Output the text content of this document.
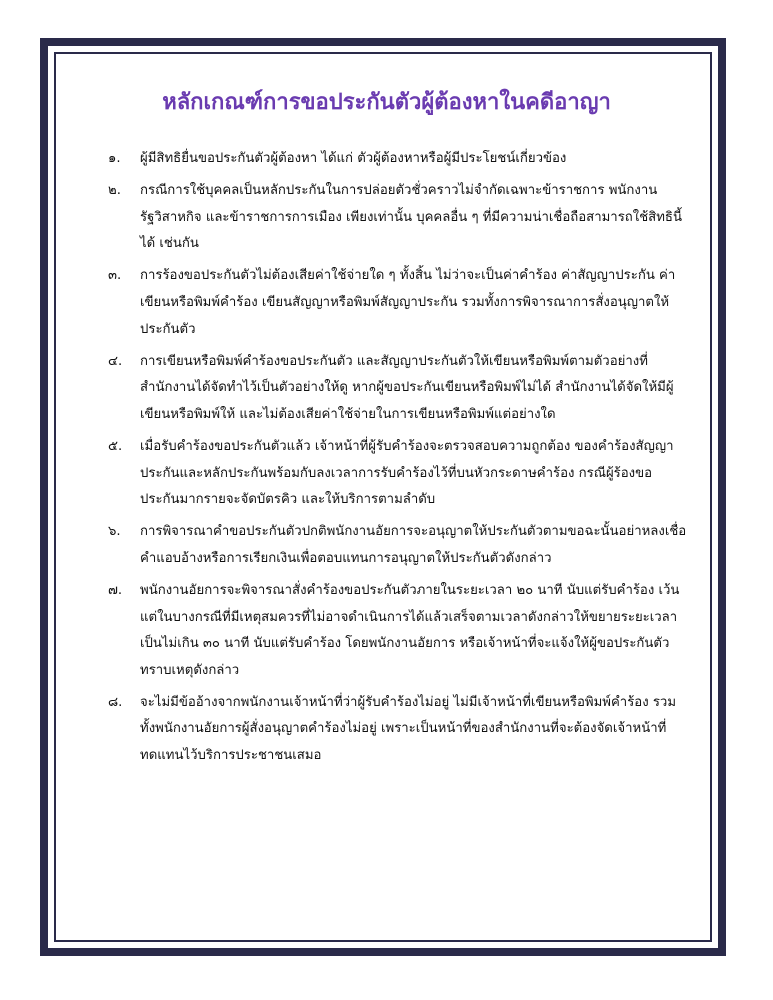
หลักเกณฑ์การขอประกันตัวผู้ต้องหาในคดีอาญา
๑.	ผู้มีสิทธิยื่นขอประกันตัวผู้ต้องหา ได้แก่ ตัวผู้ต้องหาหรือผู้มีประโยชน์เกี่ยวข้อง
๒.	กรณีการใช้บุคคลเป็นหลักประกันในการปล่อยตัวชั่วคราวไม่จำกัดเฉพาะข้าราชการ พนักงานรัฐวิสาหกิจ และข้าราชการการเมือง เพียงเท่านั้น บุคคลอื่น ๆ ที่มีความน่าเชื่อถือสามารถใช้สิทธินี้ได้ เช่นกัน
๓.	การร้องขอประกันตัวไม่ต้องเสียค่าใช้จ่ายใด ๆ ทั้งสิ้น ไม่ว่าจะเป็นค่าคำร้อง ค่าสัญญาประกัน ค่าเขียนหรือพิมพ์คำร้อง เขียนสัญญาหรือพิมพ์สัญญาประกัน รวมทั้งการพิจารณาการสั่งอนุญาตให้ประกันตัว
๔.	การเขียนหรือพิมพ์คำร้องขอประกันตัว และสัญญาประกันตัวให้เขียนหรือพิมพ์ตามตัวอย่างที่สำนักงานได้จัดทำไว้เป็นตัวอย่างให้ดู หากผู้ขอประกันเขียนหรือพิมพ์ไม่ได้ สำนักงานได้จัดให้มีผู้เขียนหรือพิมพ์ให้ และไม่ต้องเสียค่าใช้จ่ายในการเขียนหรือพิมพ์แต่อย่างใด
๕.	เมื่อรับคำร้องขอประกันตัวแล้ว เจ้าหน้าที่ผู้รับคำร้องจะตรวจสอบความถูกต้อง ของคำร้องสัญญาประกันและหลักประกันพร้อมกับลงเวลาการรับคำร้องไว้ที่บนหัวกระดาษคำร้อง กรณีผู้ร้องขอประกันมากรายจะจัดบัตรคิว และให้บริการตามลำดับ
๖.	การพิจารณาคำขอประกันตัวปกติพนักงานอัยการจะอนุญาตให้ประกันตัวตามขอฉะนั้นอย่าหลงเชื่อคำแอบอ้างหรือการเรียกเงินเพื่อตอบแทนการอนุญาตให้ประกันตัวดังกล่าว
๗.	พนักงานอัยการจะพิจารณาสั่งคำร้องขอประกันตัวภายในระยะเวลา ๒๐ นาที นับแต่รับคำร้อง เว้นแต่ในบางกรณีที่มีเหตุสมควรที่ไม่อาจดำเนินการได้แล้วเสร็จตามเวลาดังกล่าวให้ขยายระยะเวลาเป็นไม่เกิน ๓๐ นาที นับแต่รับคำร้อง โดยพนักงานอัยการ หรือเจ้าหน้าที่จะแจ้งให้ผู้ขอประกันตัวทราบเหตุดังกล่าว
๘.	จะไม่มีข้ออ้างจากพนักงานเจ้าหน้าที่ว่าผู้รับคำร้องไม่อยู่ ไม่มีเจ้าหน้าที่เขียนหรือพิมพ์คำร้อง รวมทั้งพนักงานอัยการผู้สั่งอนุญาตคำร้องไม่อยู่ เพราะเป็นหน้าที่ของสำนักงานที่จะต้องจัดเจ้าหน้าที่ทดแทนไว้บริการประชาชนเสมอ
